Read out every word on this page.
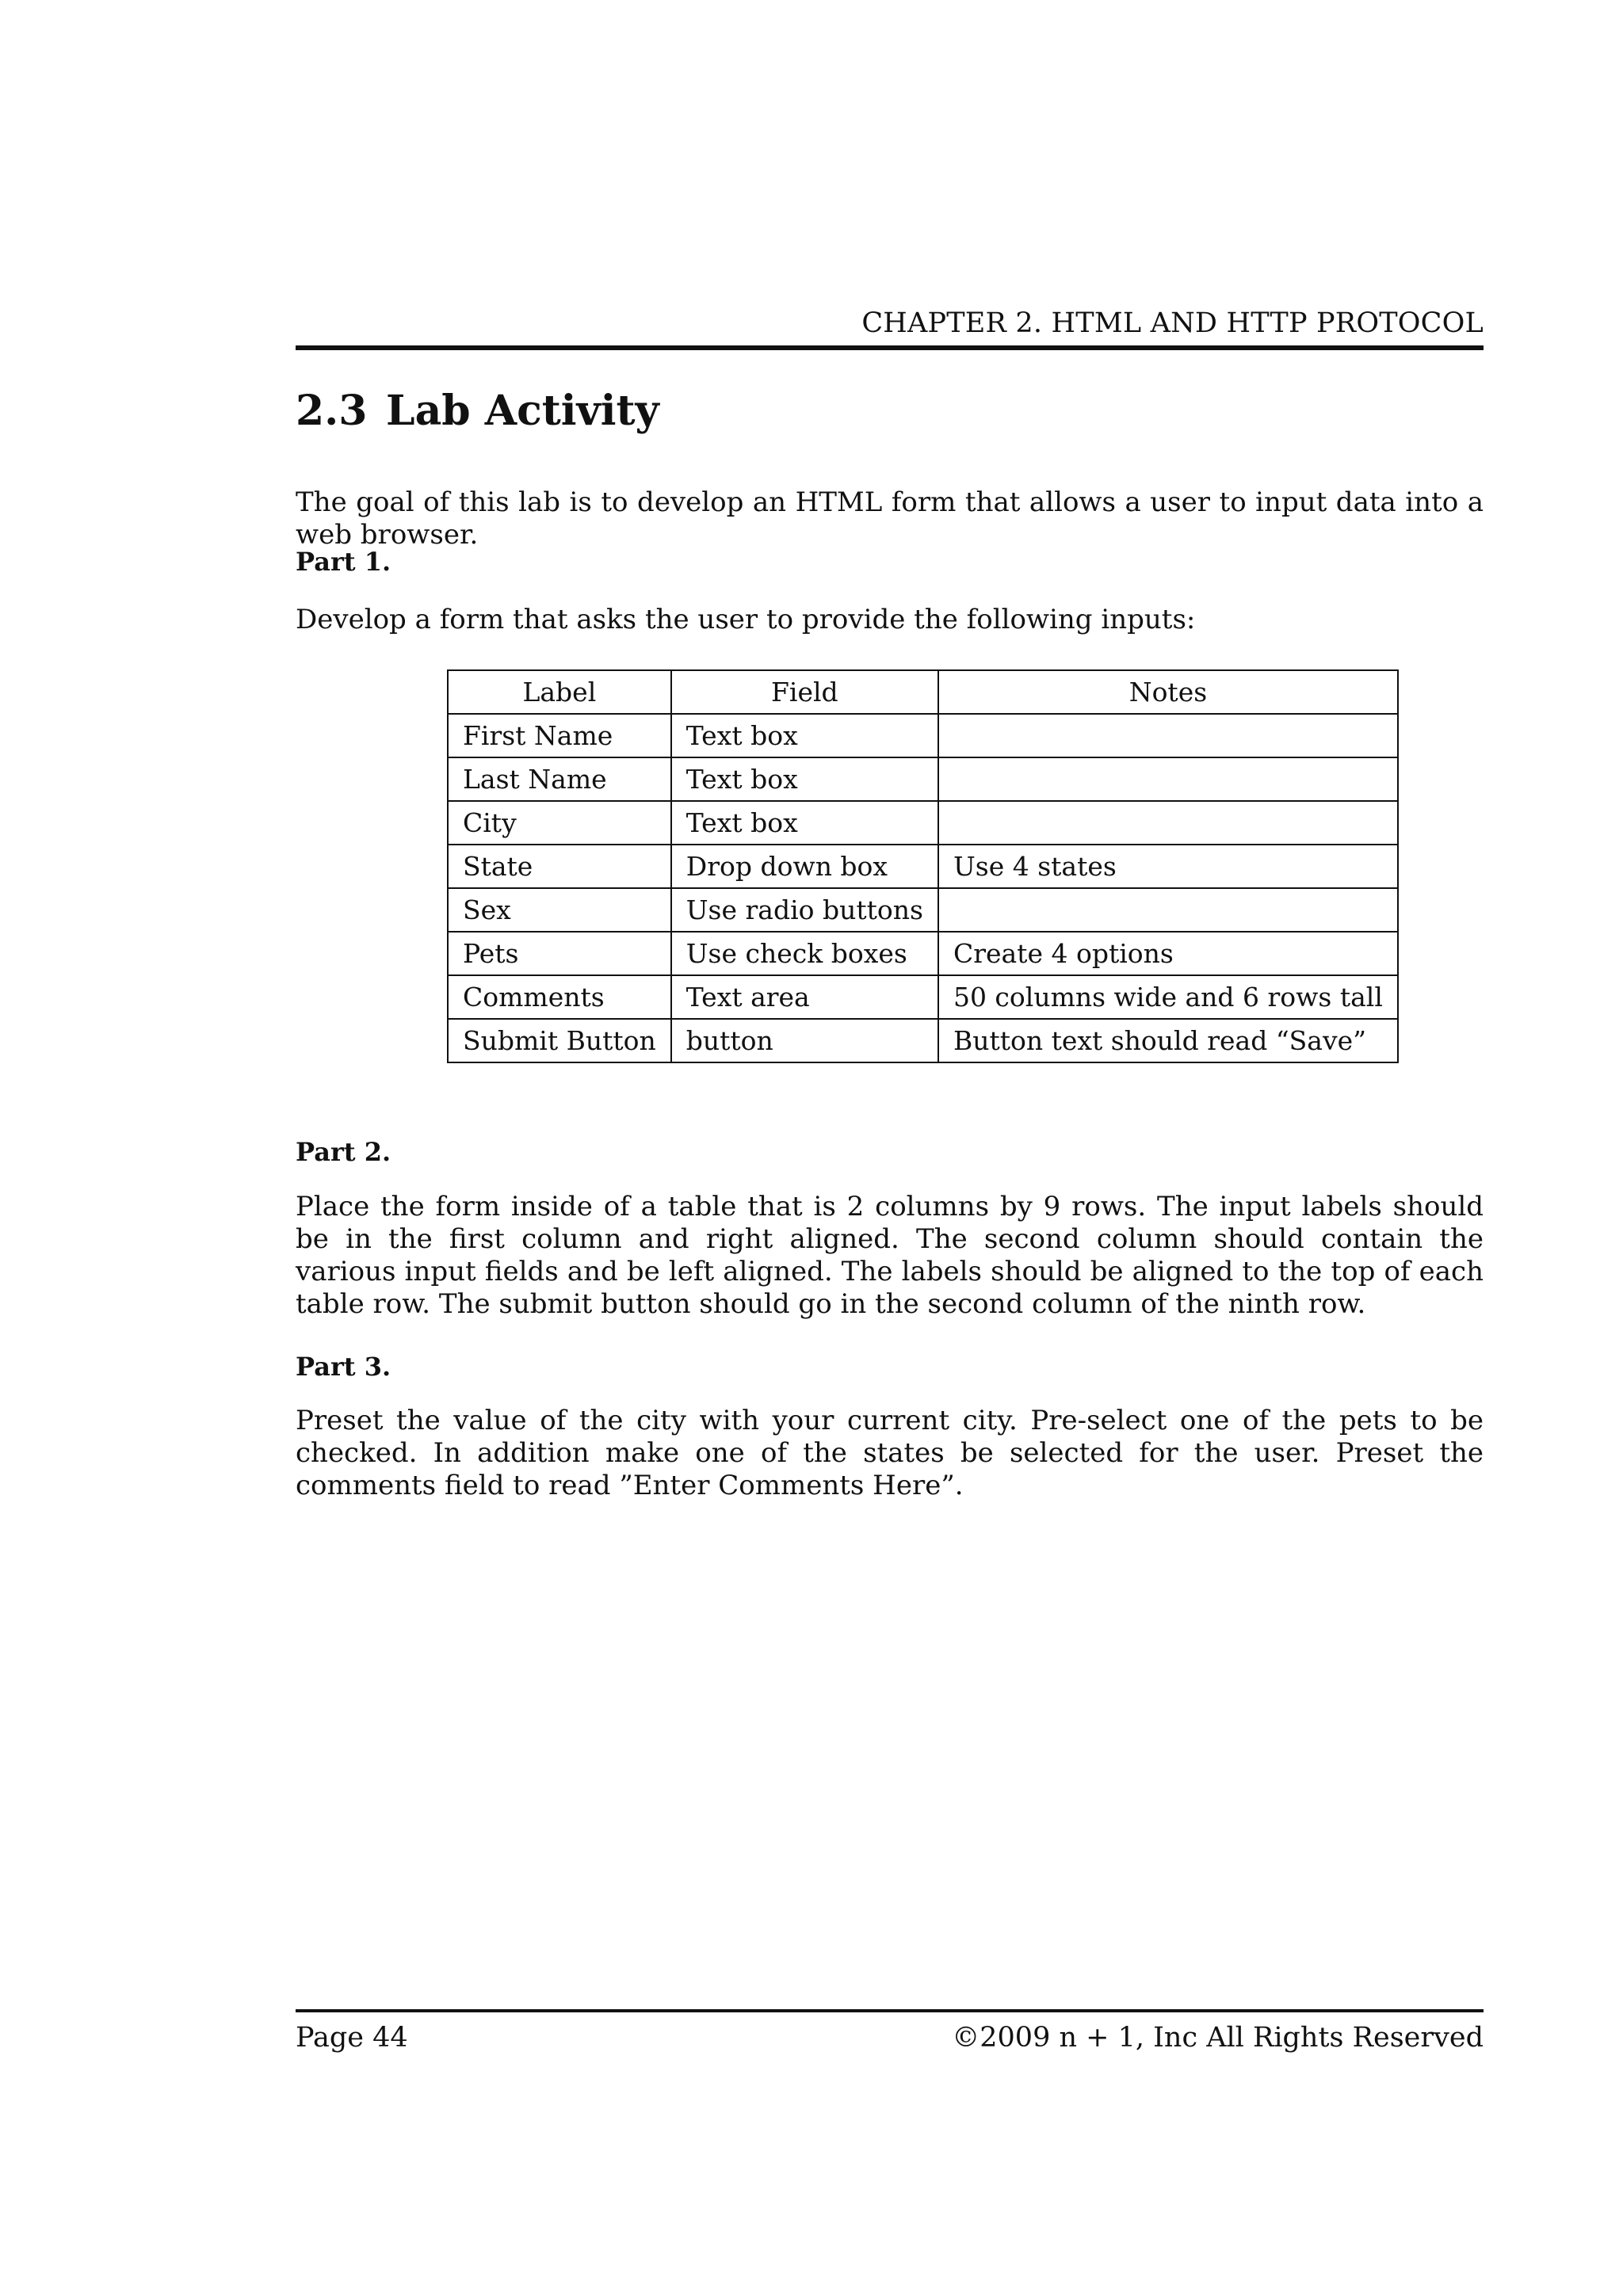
CHAPTER 2. HTML AND HTTP PROTOCOL
2.3 Lab Activity

The goal of this lab is to develop an HTML form that allows a user to input data into a web browser.

Part 1.

Develop a form that asks the user to provide the following inputs:

Label	Field	Notes
First Name	Text box	
Last Name	Text box	
City	Text box	
State	Drop down box	Use 4 states
Sex	Use radio buttons	
Pets	Use check boxes	Create 4 options
Comments	Text area	50 columns wide and 6 rows tall
Submit Button	button	Button text should read “Save”
Part 2.

Place the form inside of a table that is 2 columns by 9 rows. The input labels should be in the first column and right aligned. The second column should contain the various input fields and be left aligned. The labels should be aligned to the top of each table row. The submit button should go in the second column of the ninth row.

Part 3.

Preset the value of the city with your current city. Pre-select one of the pets to be checked. In addition make one of the states be selected for the user. Preset the comments field to read ”Enter Comments Here”.

Page 44	©2009 n + 1, Inc All Rights Reserved
